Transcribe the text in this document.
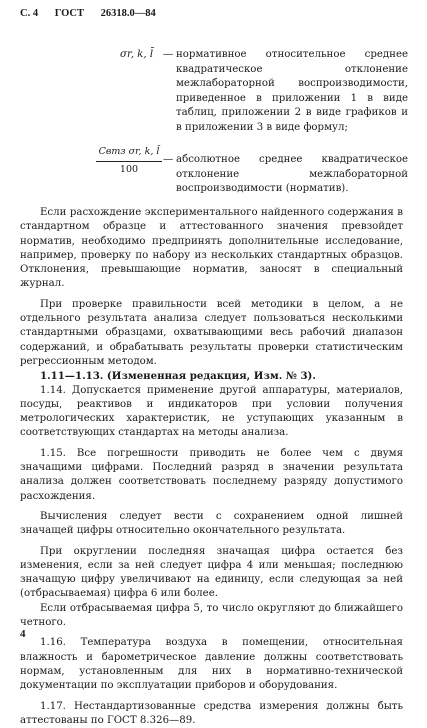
С. 4 ГОСТ 26318.0—84
σr, k, l̄ — нормативное относительное среднее квадратическое отклонение межлабораторной воспроизводимости, приведенное в приложении 1 в виде таблиц, приложении 2 в виде графиков и в приложении 3 в виде формул;
Cвтз σr, k, l̄
100
— абсолютное среднее квадратическое отклонение межлабораторной воспроизводимости (норматив).

Если расхождение экспериментального найденного содержания в стандартном образце и аттестованного значения превзойдет норматив, необходимо предпринять дополнительные исследование, например, проверку по набору из нескольких стандартных образцов. Отклонения, превышающие норматив, заносят в специальный журнал.

При проверке правильности всей методики в целом, а не отдельного результата анализа следует пользоваться несколькими стандартными образцами, охватывающими весь рабочий диапазон содержаний, и обрабатывать результаты проверки статистическим регрессионным методом.

1.11—1.13. (Измененная редакция, Изм. № 3).

1.14. Допускается применение другой аппаратуры, материалов, посуды, реактивов и индикаторов при условии получения метрологических характеристик, не уступающих указанным в соответствующих стандартах на методы анализа.

1.15. Все погрешности приводить не более чем с двумя значащими цифрами. Последний разряд в значении результата анализа должен соответствовать последнему разряду допустимого расхождения.

Вычисления следует вести с сохранением одной лишней значащей цифры относительно окончательного результата.

При округлении последняя значащая цифра остается без изменения, если за ней следует цифра 4 или меньшая; последнюю значащую цифру увеличивают на единицу, если следующая за ней (отбрасываемая) цифра 6 или более.

Если отбрасываемая цифра 5, то число округляют до ближайшего четного.

1.16. Температура воздуха в помещении, относительная влажность и барометрическое давление должны соответствовать нормам, установленным для них в нормативно-технической документации по эксплуатации приборов и оборудования.

1.17. Нестандартизованные средства измерения должны быть аттестованы по ГОСТ 8.326—89.

4
